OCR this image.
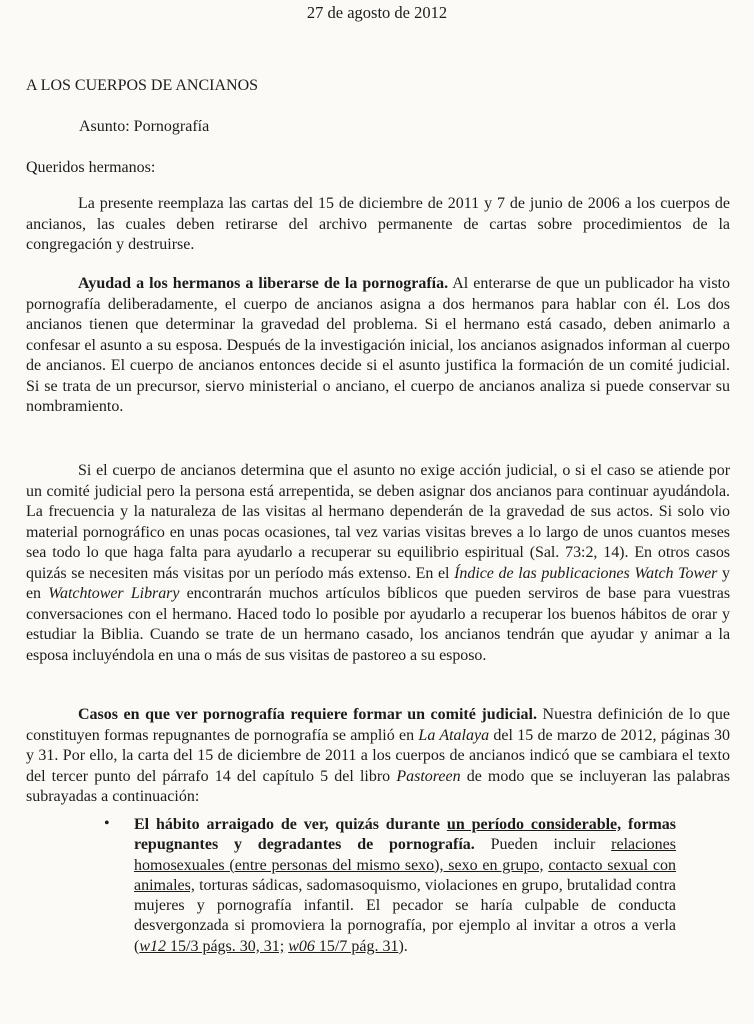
27 de agosto de 2012
A LOS CUERPOS DE ANCIANOS
Asunto: Pornografía
Queridos hermanos:
La presente reemplaza las cartas del 15 de diciembre de 2011 y 7 de junio de 2006 a los cuerpos de ancianos, las cuales deben retirarse del archivo permanente de cartas sobre procedimientos de la congregación y destruirse.
Ayudad a los hermanos a liberarse de la pornografía. Al enterarse de que un publicador ha visto pornografía deliberadamente, el cuerpo de ancianos asigna a dos hermanos para hablar con él. Los dos ancianos tienen que determinar la gravedad del problema. Si el hermano está casado, deben animarlo a confesar el asunto a su esposa. Después de la investigación inicial, los ancianos asignados informan al cuerpo de ancianos. El cuerpo de ancianos entonces decide si el asunto justifica la formación de un comité judicial. Si se trata de un precursor, siervo ministerial o anciano, el cuerpo de ancianos analiza si puede conservar su nombramiento.
Si el cuerpo de ancianos determina que el asunto no exige acción judicial, o si el caso se atiende por un comité judicial pero la persona está arrepentida, se deben asignar dos ancianos para continuar ayudándola. La frecuencia y la naturaleza de las visitas al hermano dependerán de la gravedad de sus actos. Si solo vio material pornográfico en unas pocas ocasiones, tal vez varias visitas breves a lo largo de unos cuantos meses sea todo lo que haga falta para ayudarlo a recuperar su equilibrio espiritual (Sal. 73:2, 14). En otros casos quizás se necesiten más visitas por un período más extenso. En el Índice de las publicaciones Watch Tower y en Watchtower Library encontrarán muchos artículos bíblicos que pueden serviros de base para vuestras conversaciones con el hermano. Haced todo lo posible por ayudarlo a recuperar los buenos hábitos de orar y estudiar la Biblia. Cuando se trate de un hermano casado, los ancianos tendrán que ayudar y animar a la esposa incluyéndola en una o más de sus visitas de pastoreo a su esposo.
Casos en que ver pornografía requiere formar un comité judicial. Nuestra definición de lo que constituyen formas repugnantes de pornografía se amplió en La Atalaya del 15 de marzo de 2012, páginas 30 y 31. Por ello, la carta del 15 de diciembre de 2011 a los cuerpos de ancianos indicó que se cambiara el texto del tercer punto del párrafo 14 del capítulo 5 del libro Pastoreen de modo que se incluyeran las palabras subrayadas a continuación:
• El hábito arraigado de ver, quizás durante un período considerable, formas repugnantes y degradantes de pornografía. Pueden incluir relaciones homosexuales (entre personas del mismo sexo), sexo en grupo, contacto sexual con animales, torturas sádicas, sadomasoquismo, violaciones en grupo, brutalidad contra mujeres y pornografía infantil. El pecador se haría culpable de conducta desvergonzada si promoviera la pornografía, por ejemplo al invitar a otros a verla (w12 15/3 págs. 30, 31; w06 15/7 pág. 31).
